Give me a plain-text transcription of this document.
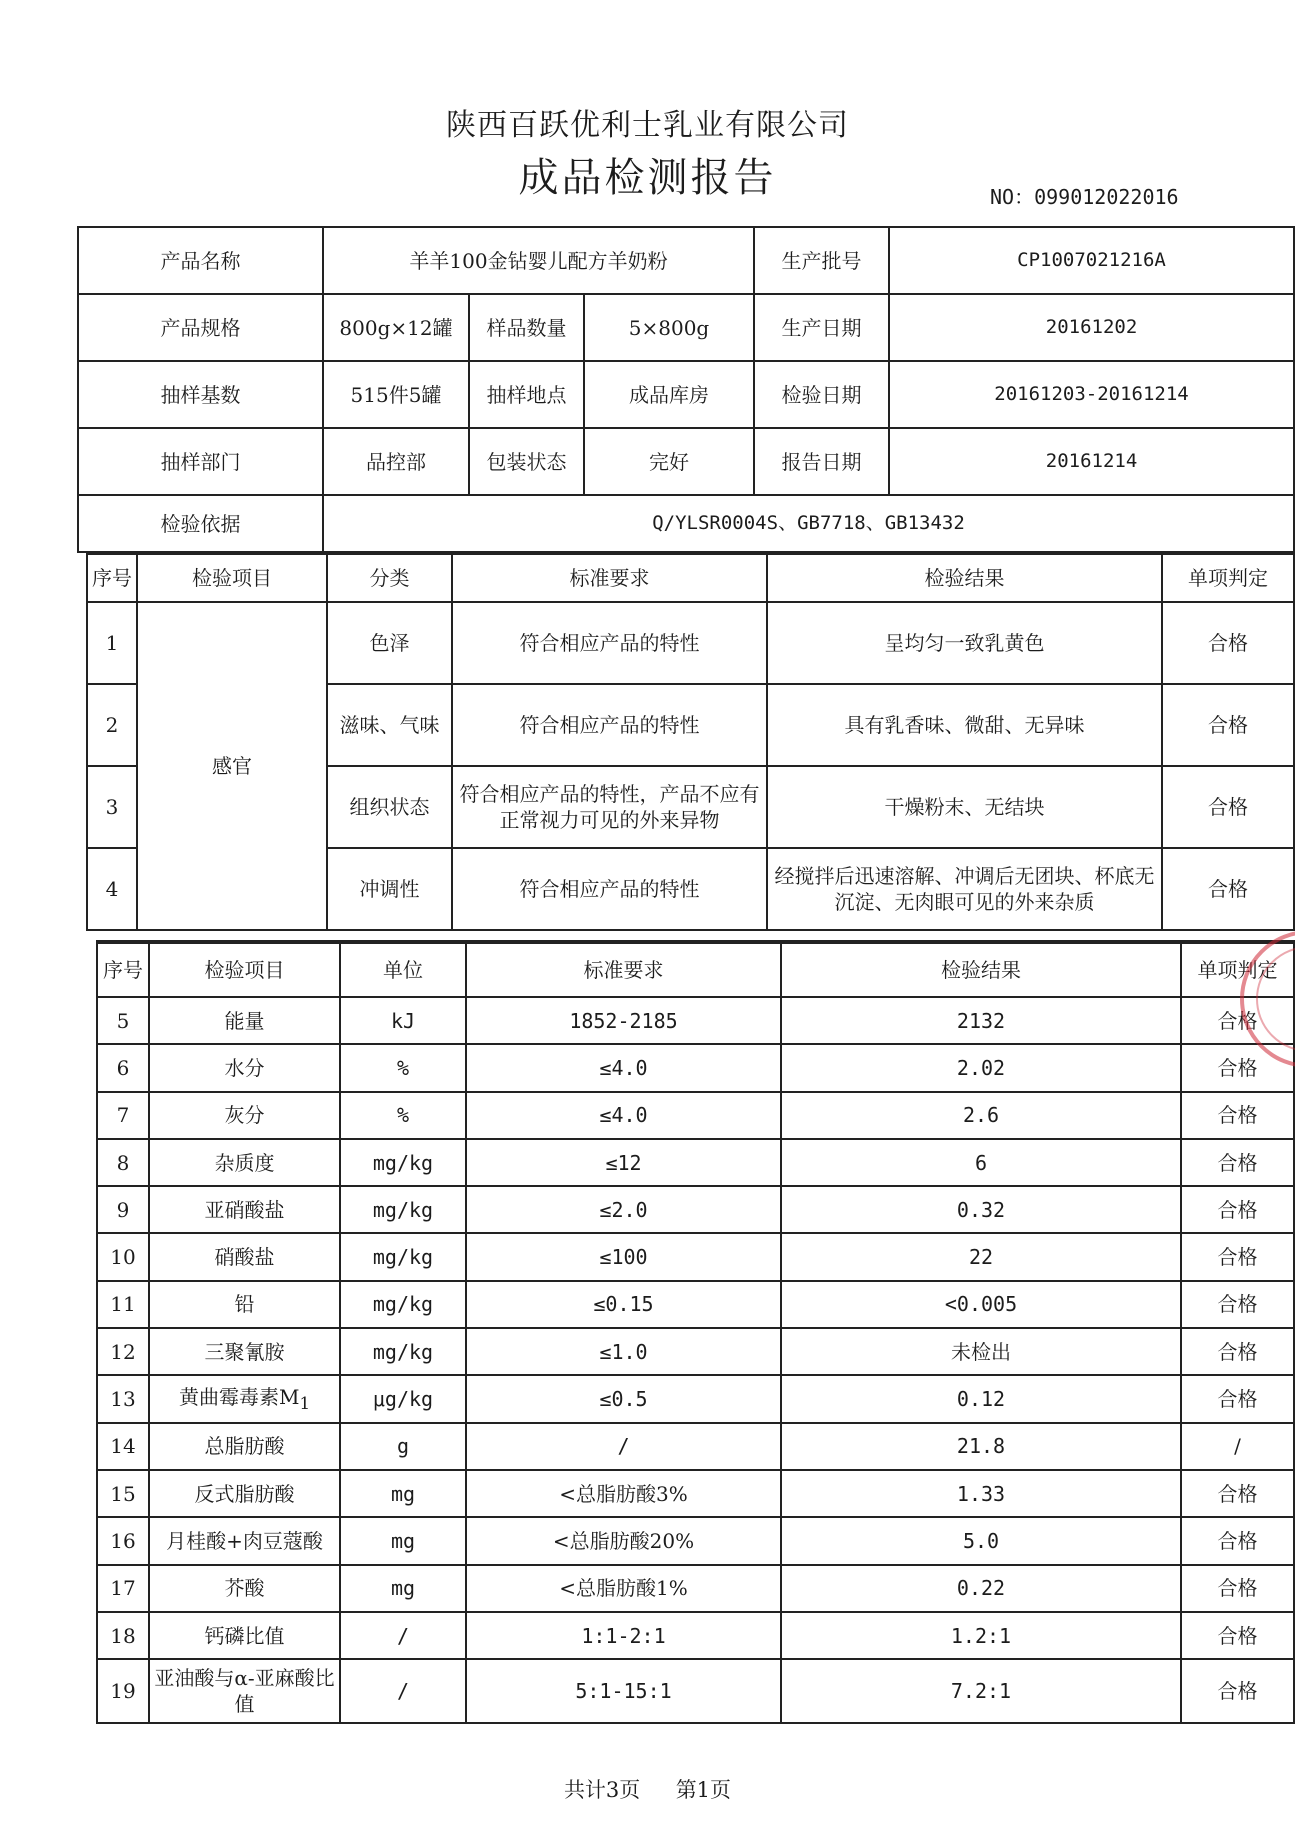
陕西百跃优利士乳业有限公司
成品检测报告	NO：099012022016
产品名称	羊羊100金钻婴儿配方羊奶粉			生产批号	CP1007021216A
产品规格	800g×12罐	样品数量	5×800g	生产日期	20161202
抽样基数	515件5罐	抽样地点	成品库房	检验日期	20161203-20161214
抽样部门	品控部	包装状态	完好	报告日期	20161214
检验依据	Q/YLSR0004S、GB7718、GB13432				
序号	检验项目	分类	标准要求	检验结果	单项判定
1	感官	色泽	符合相应产品的特性	呈均匀一致乳黄色	合格
2		滋味、气味	符合相应产品的特性	具有乳香味、微甜、无异味	合格
3		组织状态	符合相应产品的特性，产品不应有正常视力可见的外来异物	干燥粉末、无结块	合格
4		冲调性	符合相应产品的特性	经搅拌后迅速溶解、冲调后无团块、杯底无沉淀、无肉眼可见的外来杂质	合格
序号	检验项目	单位	标准要求	检验结果	单项判定
5	能量	kJ	1852-2185	2132	合格
6	水分	%	≤4.0	2.02	合格
7	灰分	%	≤4.0	2.6	合格
8	杂质度	mg/kg	≤12	6	合格
9	亚硝酸盐	mg/kg	≤2.0	0.32	合格
10	硝酸盐	mg/kg	≤100	22	合格
11	铅	mg/kg	≤0.15	<0.005	合格
12	三聚氰胺	mg/kg	≤1.0	未检出	合格
13	黄曲霉毒素$M_1$	μg/kg	≤0.5	0.12	合格
14	总脂肪酸	g	/	21.8	/
15	反式脂肪酸	mg	<总脂肪酸3%	1.33	合格
16	月桂酸+肉豆蔻酸	mg	<总脂肪酸20%	5.0	合格
17	芥酸	mg	<总脂肪酸1%	0.22	合格
18	钙磷比值	/	1:1-2:1	1.2:1	合格
19	亚油酸与α-亚麻酸比值	/	5:1-15:1	7.2:1	合格
共计3页 第1页
